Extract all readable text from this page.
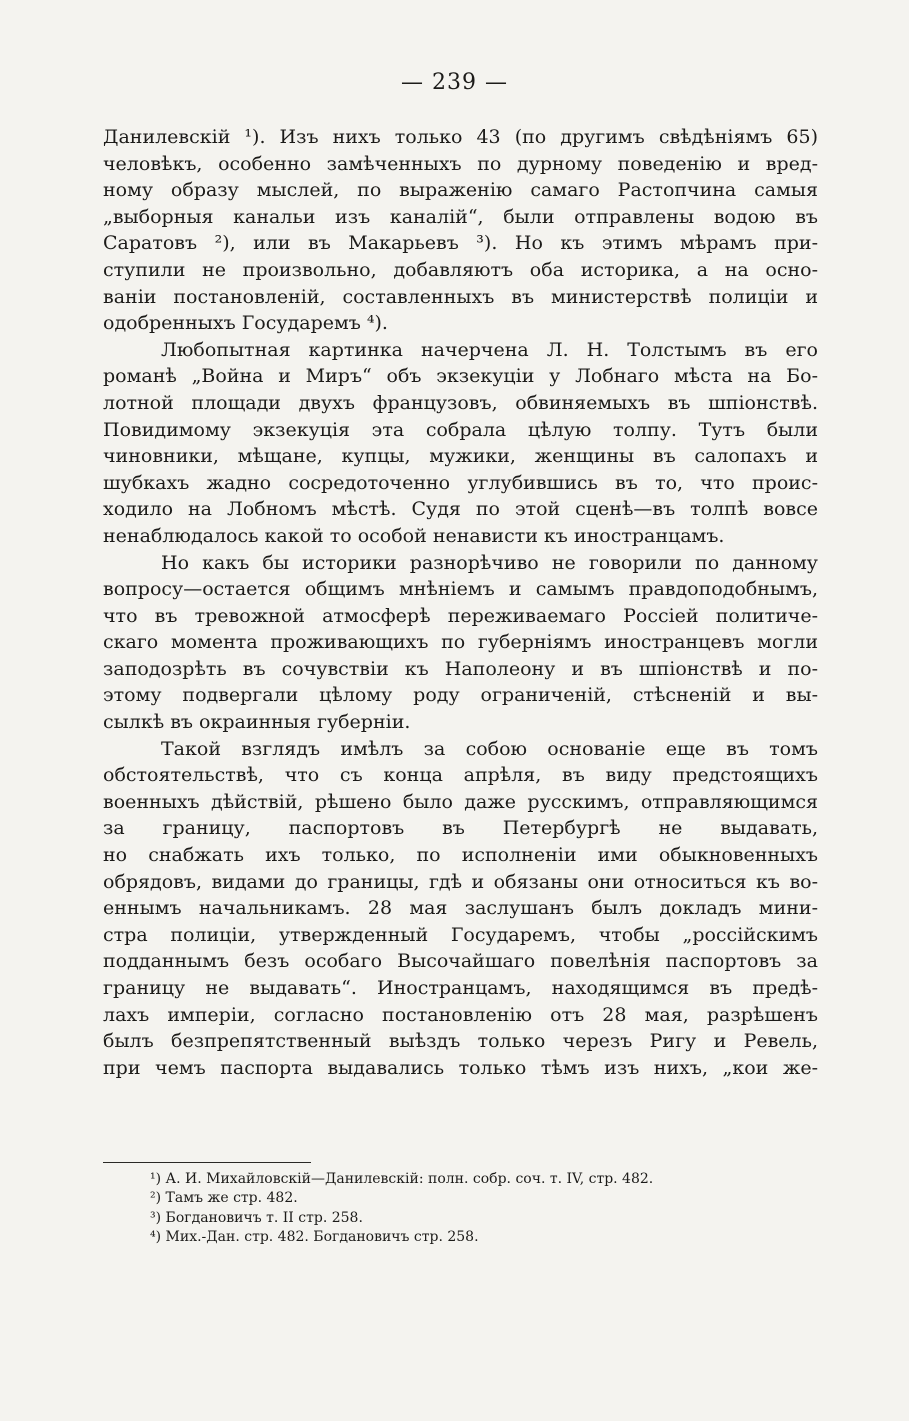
— 239 —
Данилевскій ¹). Изъ нихъ только 43 (по другимъ свѣдѣніямъ 65)
человѣкъ, особенно замѣченныхъ по дурному поведенію и вред-
ному образу мыслей, по выраженію самаго Растопчина самыя
„выборныя канальи изъ каналій“, были отправлены водою въ
Саратовъ ²), или въ Макарьевъ ³). Но къ этимъ мѣрамъ при-
ступили не произвольно, добавляютъ оба историка, а на осно-
ваніи постановленій, составленныхъ въ министерствѣ полиціи и
одобренныхъ Государемъ ⁴).
Любопытная картинка начерчена Л. Н. Толстымъ въ его
романѣ „Война и Миръ“ объ экзекуціи у Лобнаго мѣста на Бо-
лотной площади двухъ французовъ, обвиняемыхъ въ шпіонствѣ.
Повидимому экзекуція эта собрала цѣлую толпу. Тутъ были
чиновники, мѣщане, купцы, мужики, женщины въ салопахъ и
шубкахъ жадно сосредоточенно углубившись въ то, что проис-
ходило на Лобномъ мѣстѣ. Судя по этой сценѣ—въ толпѣ вовсе
ненаблюдалось какой то особой ненависти къ иностранцамъ.
Но какъ бы историки разнорѣчиво не говорили по данному
вопросу—остается общимъ мнѣніемъ и самымъ правдоподобнымъ,
что въ тревожной атмосферѣ переживаемаго Россіей политиче-
скаго момента проживающихъ по губерніямъ иностранцевъ могли
заподозрѣть въ сочувствіи къ Наполеону и въ шпіонствѣ и по-
этому подвергали цѣлому роду ограниченій, стѣсненій и вы-
сылкѣ въ окраинныя губерніи.
Такой взглядъ имѣлъ за собою основаніе еще въ томъ
обстоятельствѣ, что съ конца апрѣля, въ виду предстоящихъ
военныхъ дѣйствій, рѣшено было даже русскимъ, отправляющимся
за границу, паспортовъ въ Петербургѣ не выдавать,
но снабжать ихъ только, по исполненіи ими обыкновенныхъ
обрядовъ, видами до границы, гдѣ и обязаны они относиться къ во-
еннымъ начальникамъ. 28 мая заслушанъ былъ докладъ мини-
стра полиціи, утвержденный Государемъ, чтобы „россійскимъ
подданнымъ безъ особаго Высочайшаго повелѣнія паспортовъ за
границу не выдавать“. Иностранцамъ, находящимся въ предѣ-
лахъ имперіи, согласно постановленію отъ 28 мая, разрѣшенъ
былъ безпрепятственный выѣздъ только черезъ Ригу и Ревель,
при чемъ паспорта выдавались только тѣмъ изъ нихъ, „кои же-
¹) А. И. Михайловскій—Данилевскій: полн. собр. соч. т. IV, стр. 482.
²) Тамъ же стр. 482.
³) Богдановичъ т. II стр. 258.
⁴) Мих.-Дан. стр. 482. Богдановичъ стр. 258.
